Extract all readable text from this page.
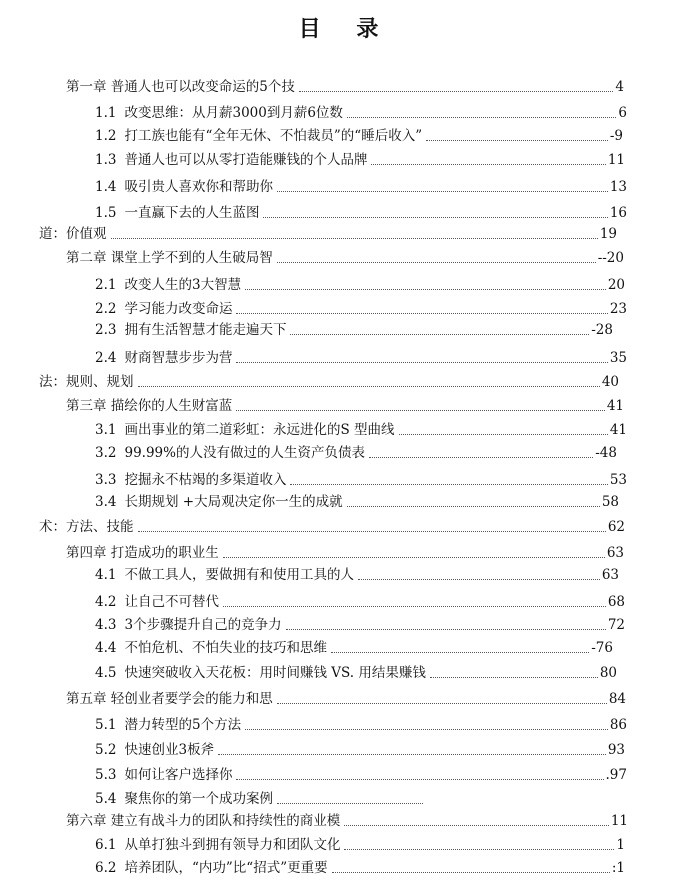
目 录
第一章 普通人也可以改变命运的5个技	4
1.1 改变思维：从月薪3000到月薪6位数	6
1.2 打工族也能有“全年无休、不怕裁员”的“睡后收入”	-9
1.3 普通人也可以从零打造能赚钱的个人品牌	11
1.4 吸引贵人喜欢你和帮助你	13
1.5 一直赢下去的人生蓝图	16
道：价值观	19
第二章 课堂上学不到的人生破局智	--20
2.1 改变人生的3大智慧	20
2.2 学习能力改变命运	23
2.3 拥有生活智慧才能走遍天下	-28
2.4 财商智慧步步为营	35
法：规则、规划	40
第三章 描绘你的人生财富蓝	41
3.1 画出事业的第二道彩虹：永远进化的S 型曲线	41
3.2 99.99%的人没有做过的人生资产负债表	-48
3.3 挖掘永不枯竭的多渠道收入	53
3.4 长期规划 +大局观决定你一生的成就	58
术：方法、技能	62
第四章 打造成功的职业生	63
4.1 不做工具人，要做拥有和使用工具的人	63
4.2 让自己不可替代	68
4.3 3个步骤提升自己的竞争力	72
4.4 不怕危机、不怕失业的技巧和思维	-76
4.5 快速突破收入天花板：用时间赚钱 VS. 用结果赚钱	80
第五章 轻创业者要学会的能力和思	84
5.1 潜力转型的5个方法	86
5.2 快速创业3板斧	93
5.3 如何让客户选择你	.97
5.4 聚焦你的第一个成功案例
第六章 建立有战斗力的团队和持续性的商业模	11
6.1 从单打独斗到拥有领导力和团队文化	1
6.2 培养团队，“内功”比“招式”更重要	:1
